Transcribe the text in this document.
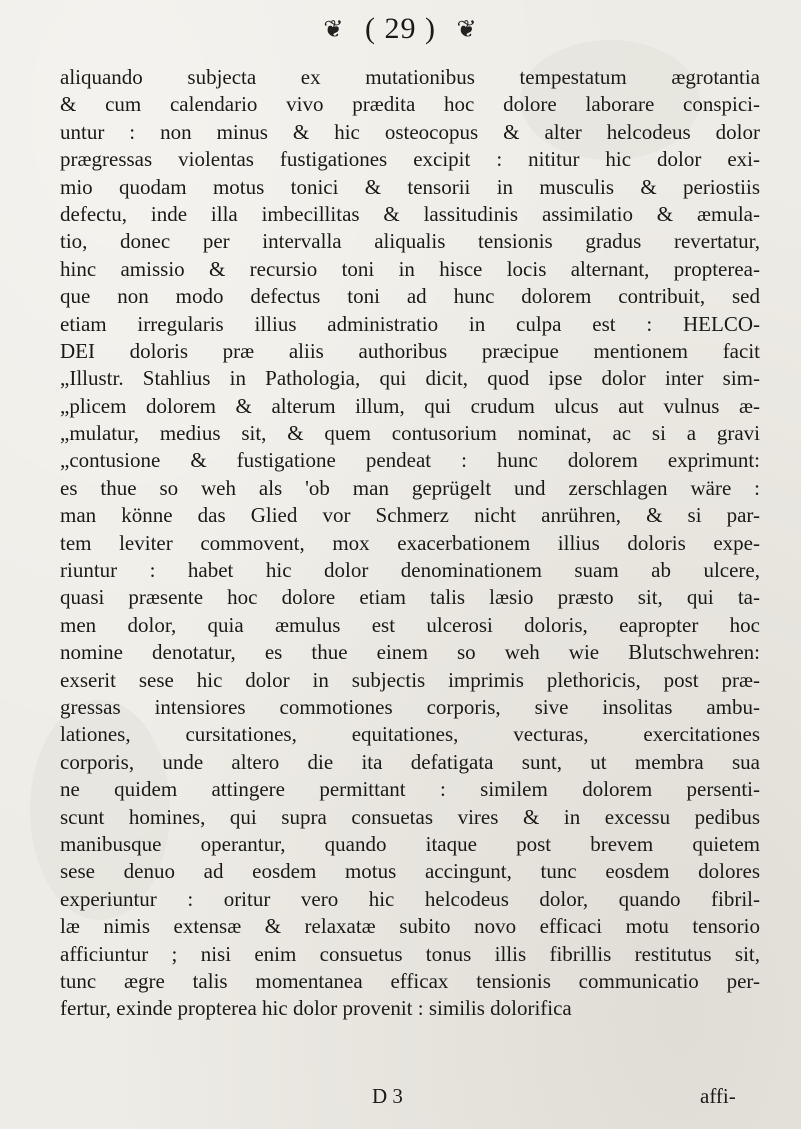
❦ ( 29 ) ❦
aliquando subjecta ex mutationibus tempestatum ægrotantia
& cum calendario vivo prædita hoc dolore laborare conspici-
untur : non minus & hic osteocopus & alter helcodeus dolor
prægressas violentas fustigationes excipit : nititur hic dolor exi-
mio quodam motus tonici & tensorii in musculis & periostiis
defectu, inde illa imbecillitas & lassitudinis assimilatio & æmula-
tio, donec per intervalla aliqualis tensionis gradus revertatur,
hinc amissio & recursio toni in hisce locis alternant, propterea-
que non modo defectus toni ad hunc dolorem contribuit, sed
etiam irregularis illius administratio in culpa est : HELCO-
DEI doloris præ aliis authoribus præcipue mentionem facit
„Illustr. Stahlius in Pathologia, qui dicit, quod ipse dolor inter sim-
„plicem dolorem & alterum illum, qui crudum ulcus aut vulnus æ-
„mulatur, medius sit, & quem contusorium nominat, ac si a gravi
„contusione & fustigatione pendeat : hunc dolorem exprimunt:
es thue so weh als 'ob man geprügelt und zerschlagen wäre :
man könne das Glied vor Schmerz nicht anrühren, & si par-
tem leviter commovent, mox exacerbationem illius doloris expe-
riuntur : habet hic dolor denominationem suam ab ulcere,
quasi præsente hoc dolore etiam talis læsio præsto sit, qui ta-
men dolor, quia æmulus est ulcerosi doloris, eapropter hoc
nomine denotatur, es thue einem so weh wie Blutschwehren:
exserit sese hic dolor in subjectis imprimis plethoricis, post præ-
gressas intensiores commotiones corporis, sive insolitas ambu-
lationes, cursitationes, equitationes, vecturas, exercitationes
corporis, unde altero die ita defatigata sunt, ut membra sua
ne quidem attingere permittant : similem dolorem persenti-
scunt homines, qui supra consuetas vires & in excessu pedibus
manibusque operantur, quando itaque post brevem quietem
sese denuo ad eosdem motus accingunt, tunc eosdem dolores
experiuntur : oritur vero hic helcodeus dolor, quando fibril-
læ nimis extensæ & relaxatæ subito novo efficaci motu tensorio
afficiuntur ; nisi enim consuetus tonus illis fibrillis restitutus sit,
tunc ægre talis momentanea efficax tensionis communicatio per-
fertur, exinde propterea hic dolor provenit : similis dolorifica
D 3	affi-
